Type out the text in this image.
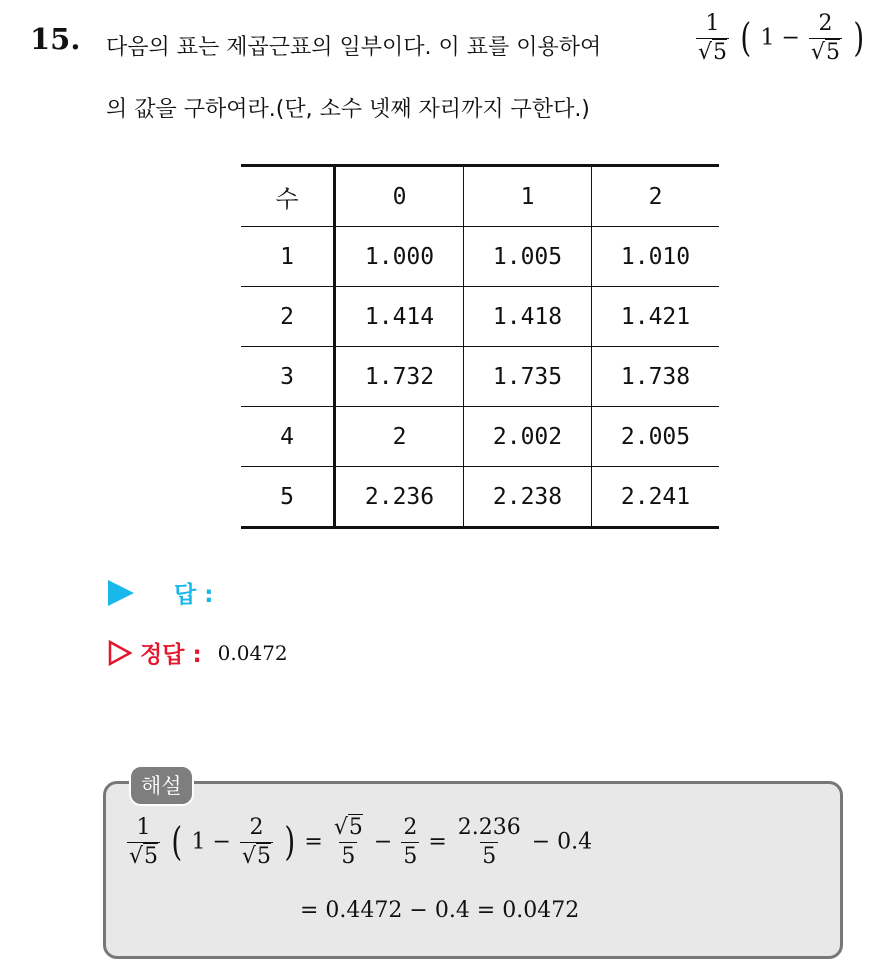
15. 다음의 표는 제곱근표의 일부이다. 이 표를 이용하여	$\frac{1}{√5}$ ( $1 - \frac{2}{√5}$ )
의 값을 구하여라.(단, 소수 넷째 자리까지 구한다.)
수	0	1	2
1	1.000	1.005	1.010
2	1.414	1.418	1.421
3	1.732	1.735	1.738
4	2	2.002	2.005
5	2.236	2.238	2.241
답 :
정답 : 0.0472
해설
$\frac{1}{√5}$ ( $1 - \frac{2}{√5}$ ) = $\frac{√5}{5} - \frac{2}{5} = \frac{2.236}{5} - 0.4$
= 0.4472 − 0.4 = 0.0472
